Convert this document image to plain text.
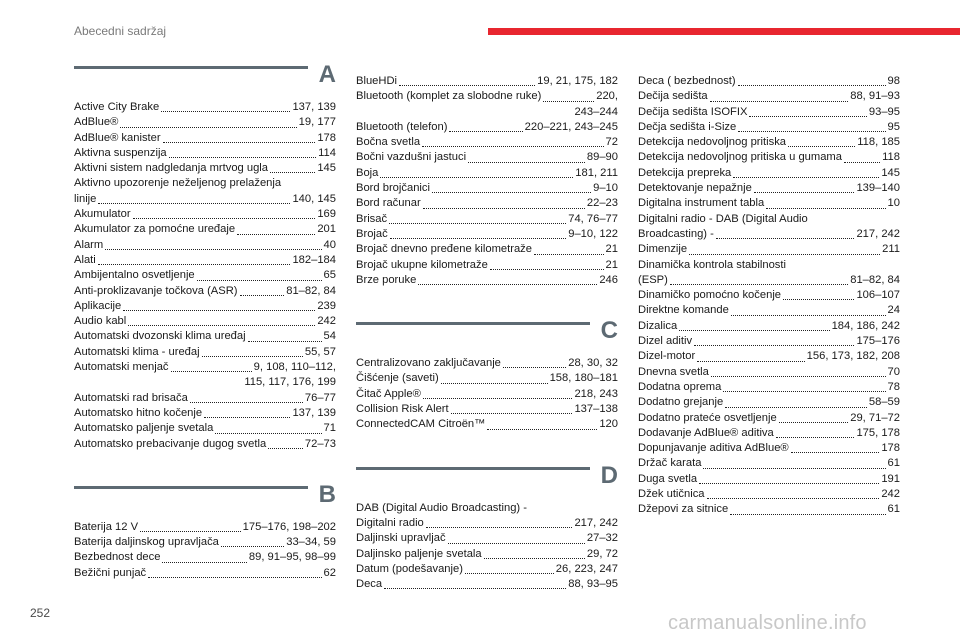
Abecedni sadržaj
A
Active City Brake	137, 139
AdBlue®	19, 177
AdBlue® kanister	178
Aktivna suspenzija	114
Aktivni sistem nadgledanja mrtvog ugla	145
Aktivno upozorenje neželjenog prelaženja
linije	140, 145
Akumulator	169
Akumulator za pomoćne uređaje	201
Alarm	40
Alati	182–184
Ambijentalno osvetljenje	65
Anti-proklizavanje točkova (ASR)	81–82, 84
Aplikacije	239
Audio kabl	242
Automatski dvozonski klima uređaj	54
Automatski klima - uređaj	55, 57
Automatski menjač	9, 108, 110–112,
115, 117, 176, 199
Automatski rad brisača	76–77
Automatsko hitno kočenje	137, 139
Automatsko paljenje svetala	71
Automatsko prebacivanje dugog svetla	72–73
B
Baterija 12 V	175–176, 198–202
Baterija daljinskog upravljača	33–34, 59
Bezbednost dece	89, 91–95, 98–99
Bežični punjač	62
BlueHDi	19, 21, 175, 182
Bluetooth (komplet za slobodne ruke)	220,
243–244
Bluetooth (telefon)	220–221, 243–245
Bočna svetla	72
Bočni vazdušni jastuci	89–90
Boja	181, 211
Bord brojčanici	9–10
Bord računar	22–23
Brisač	74, 76–77
Brojač	9–10, 122
Brojač dnevno pređene kilometraže	21
Brojač ukupne kilometraže	21
Brze poruke	246
C
Centralizovano zaključavanje	28, 30, 32
Čišćenje (saveti)	158, 180–181
Čitač Apple®	218, 243
Collision Risk Alert	137–138
ConnectedCAM Citroën™	120
D
DAB (Digital Audio Broadcasting) -
Digitalni radio	217, 242
Daljinski upravljač	27–32
Daljinsko paljenje svetala	29, 72
Datum (podešavanje)	26, 223, 247
Deca	88, 93–95
Deca ( bezbednost)	98
Dečija sedišta	88, 91–93
Dečija sedišta ISOFIX	93–95
Dečja sedišta i-Size	95
Detekcija nedovoljnog pritiska	118, 185
Detekcija nedovoljnog pritiska u gumama	118
Detekcija prepreka	145
Detektovanje nepažnje	139–140
Digitalna instrument tabla	10
Digitalni radio - DAB (Digital Audio
Broadcasting) -	217, 242
Dimenzije	211
Dinamička kontrola stabilnosti
(ESP)	81–82, 84
Dinamičko pomoćno kočenje	106–107
Direktne komande	24
Dizalica	184, 186, 242
Dizel aditiv	175–176
Dizel-motor	156, 173, 182, 208
Dnevna svetla	70
Dodatna oprema	78
Dodatno grejanje	58–59
Dodatno prateće osvetljenje	29, 71–72
Dodavanje AdBlue® aditiva	175, 178
Dopunjavanje aditiva AdBlue®	178
Držač karata	61
Duga svetla	191
Džek utičnica	242
Džepovi za sitnice	61
252	carmanualsonline.info
